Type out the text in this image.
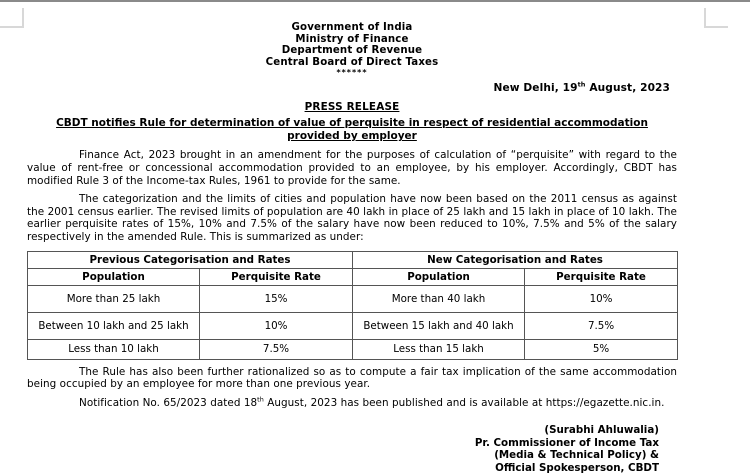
Government of India
Ministry of Finance
Department of Revenue
Central Board of Direct Taxes
******
New Delhi, 19th August, 2023
PRESS RELEASE
CBDT notifies Rule for determination of value of perquisite in respect of residential accommodation provided by employer

Finance Act, 2023 brought in an amendment for the purposes of calculation of “perquisite” with regard to the value of rent-free or concessional accommodation provided to an employee, by his employer. Accordingly, CBDT has modified Rule 3 of the Income-tax Rules, 1961 to provide for the same.

The categorization and the limits of cities and population have now been based on the 2011 census as against the 2001 census earlier. The revised limits of population are 40 lakh in place of 25 lakh and 15 lakh in place of 10 lakh. The earlier perquisite rates of 15%, 10% and 7.5% of the salary have now been reduced to 10%, 7.5% and 5% of the salary respectively in the amended Rule. This is summarized as under:

Previous Categorisation and Rates		New Categorisation and Rates	
Population	Perquisite Rate	Population	Perquisite Rate
More than 25 lakh	15%	More than 40 lakh	10%
Between 10 lakh and 25 lakh	10%	Between 15 lakh and 40 lakh	7.5%
Less than 10 lakh	7.5%	Less than 15 lakh	5%

The Rule has also been further rationalized so as to compute a fair tax implication of the same accommodation being occupied by an employee for more than one previous year.

Notification No. 65/2023 dated 18th August, 2023 has been published and is available at https://egazette.nic.in.

(Surabhi Ahluwalia)
Pr. Commissioner of Income Tax
(Media & Technical Policy) &
Official Spokesperson, CBDT
